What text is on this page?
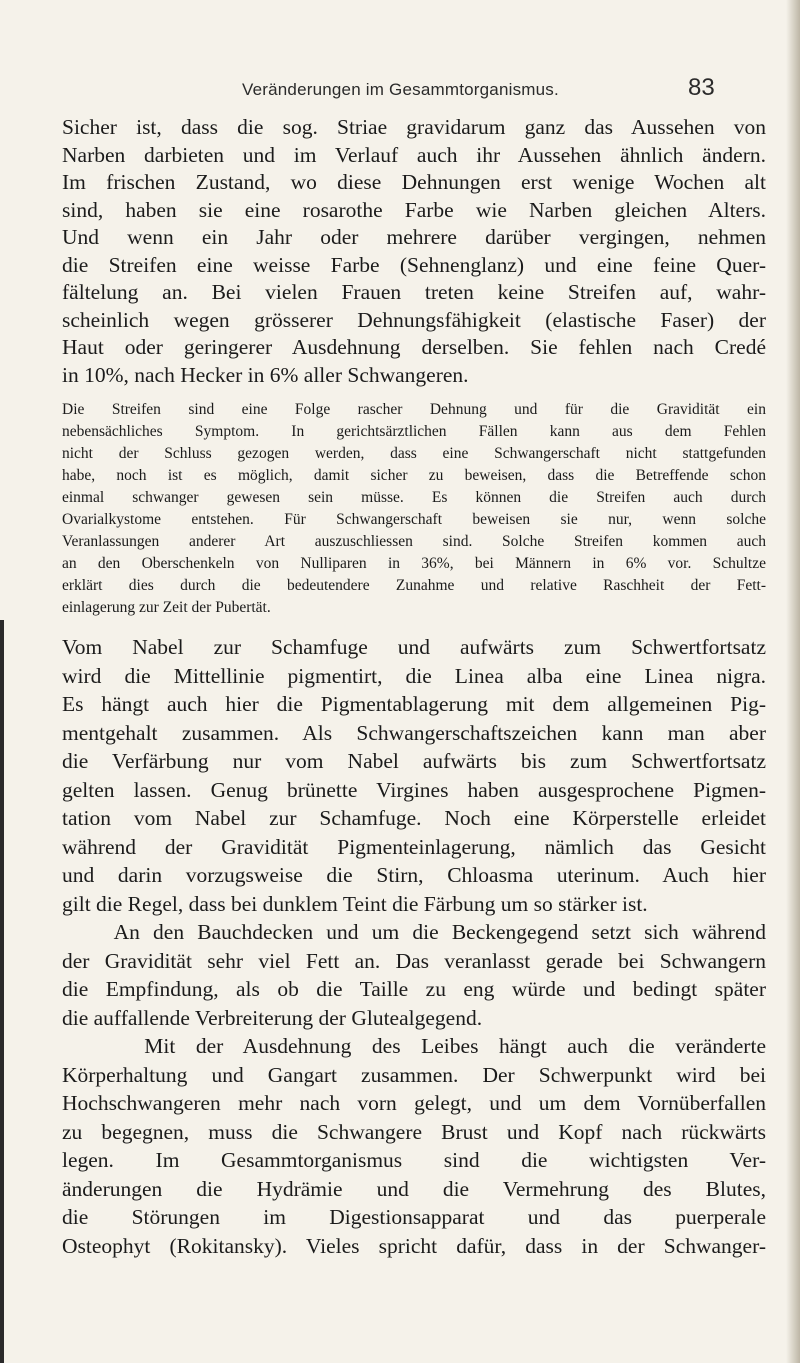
Veränderungen im Gesammtorganismus.	83
Sicher ist, dass die sog. Striae gravidarum ganz das Aussehen von
Narben darbieten und im Verlauf auch ihr Aussehen ähnlich ändern.
Im frischen Zustand, wo diese Dehnungen erst wenige Wochen alt
sind, haben sie eine rosarothe Farbe wie Narben gleichen Alters.
Und wenn ein Jahr oder mehrere darüber vergingen, nehmen
die Streifen eine weisse Farbe (Sehnenglanz) und eine feine Quer-
fältelung an. Bei vielen Frauen treten keine Streifen auf, wahr-
scheinlich wegen grösserer Dehnungsfähigkeit (elastische Faser) der
Haut oder geringerer Ausdehnung derselben. Sie fehlen nach Credé
in 10%, nach Hecker in 6% aller Schwangeren.
Die Streifen sind eine Folge rascher Dehnung und für die Gravidität ein
nebensächliches Symptom. In gerichtsärztlichen Fällen kann aus dem Fehlen
nicht der Schluss gezogen werden, dass eine Schwangerschaft nicht stattgefunden
habe, noch ist es möglich, damit sicher zu beweisen, dass die Betreffende schon
einmal schwanger gewesen sein müsse. Es können die Streifen auch durch
Ovarialkystome entstehen. Für Schwangerschaft beweisen sie nur, wenn solche
Veranlassungen anderer Art auszuschliessen sind. Solche Streifen kommen auch
an den Oberschenkeln von Nulliparen in 36%, bei Männern in 6% vor. Schultze
erklärt dies durch die bedeutendere Zunahme und relative Raschheit der Fett-
einlagerung zur Zeit der Pubertät.
Vom Nabel zur Schamfuge und aufwärts zum Schwertfortsatz
wird die Mittellinie pigmentirt, die Linea alba eine Linea nigra.
Es hängt auch hier die Pigmentablagerung mit dem allgemeinen Pig-
mentgehalt zusammen. Als Schwangerschaftszeichen kann man aber
die Verfärbung nur vom Nabel aufwärts bis zum Schwertfortsatz
gelten lassen. Genug brünette Virgines haben ausgesprochene Pigmen-
tation vom Nabel zur Schamfuge. Noch eine Körperstelle erleidet
während der Gravidität Pigmenteinlagerung, nämlich das Gesicht
und darin vorzugsweise die Stirn, Chloasma uterinum. Auch hier
gilt die Regel, dass bei dunklem Teint die Färbung um so stärker ist.
An den Bauchdecken und um die Beckengegend setzt sich während
der Gravidität sehr viel Fett an. Das veranlasst gerade bei Schwangern
die Empfindung, als ob die Taille zu eng würde und bedingt später
die auffallende Verbreiterung der Glutealgegend.
Mit der Ausdehnung des Leibes hängt auch die veränderte
Körperhaltung und Gangart zusammen. Der Schwerpunkt wird bei
Hochschwangeren mehr nach vorn gelegt, und um dem Vornüberfallen
zu begegnen, muss die Schwangere Brust und Kopf nach rückwärts
legen. Im Gesammtorganismus sind die wichtigsten Ver-
änderungen die Hydrämie und die Vermehrung des Blutes,
die Störungen im Digestionsapparat und das puerperale
Osteophyt (Rokitansky). Vieles spricht dafür, dass in der Schwanger-
